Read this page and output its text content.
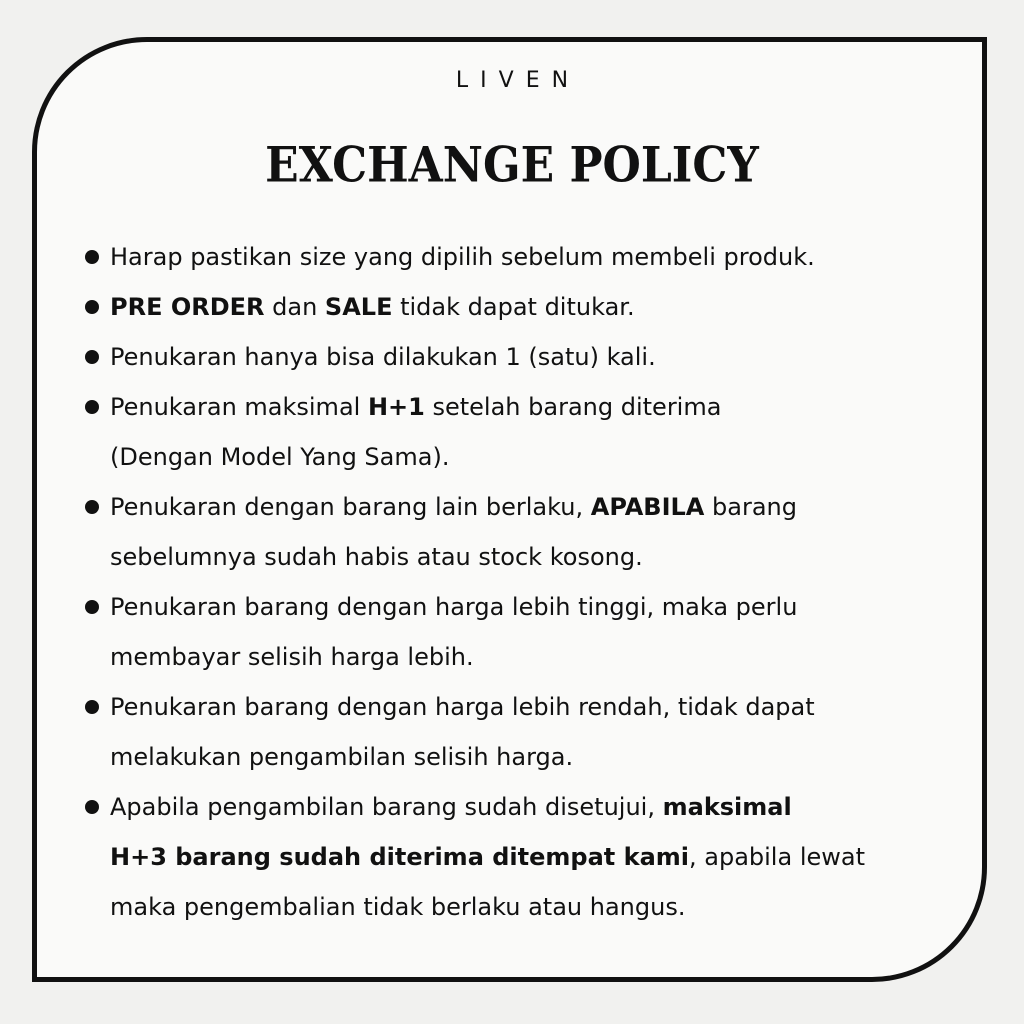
LIVEN
EXCHANGE POLICY
Harap pastikan size yang dipilih sebelum membeli produk.
PRE ORDER dan SALE tidak dapat ditukar.
Penukaran hanya bisa dilakukan 1 (satu) kali.
Penukaran maksimal H+1 setelah barang diterima
(Dengan Model Yang Sama).
Penukaran dengan barang lain berlaku, APABILA barang
sebelumnya sudah habis atau stock kosong.
Penukaran barang dengan harga lebih tinggi, maka perlu
membayar selisih harga lebih.
Penukaran barang dengan harga lebih rendah, tidak dapat
melakukan pengambilan selisih harga.
Apabila pengambilan barang sudah disetujui, maksimal
H+3 barang sudah diterima ditempat kami, apabila lewat
maka pengembalian tidak berlaku atau hangus.
